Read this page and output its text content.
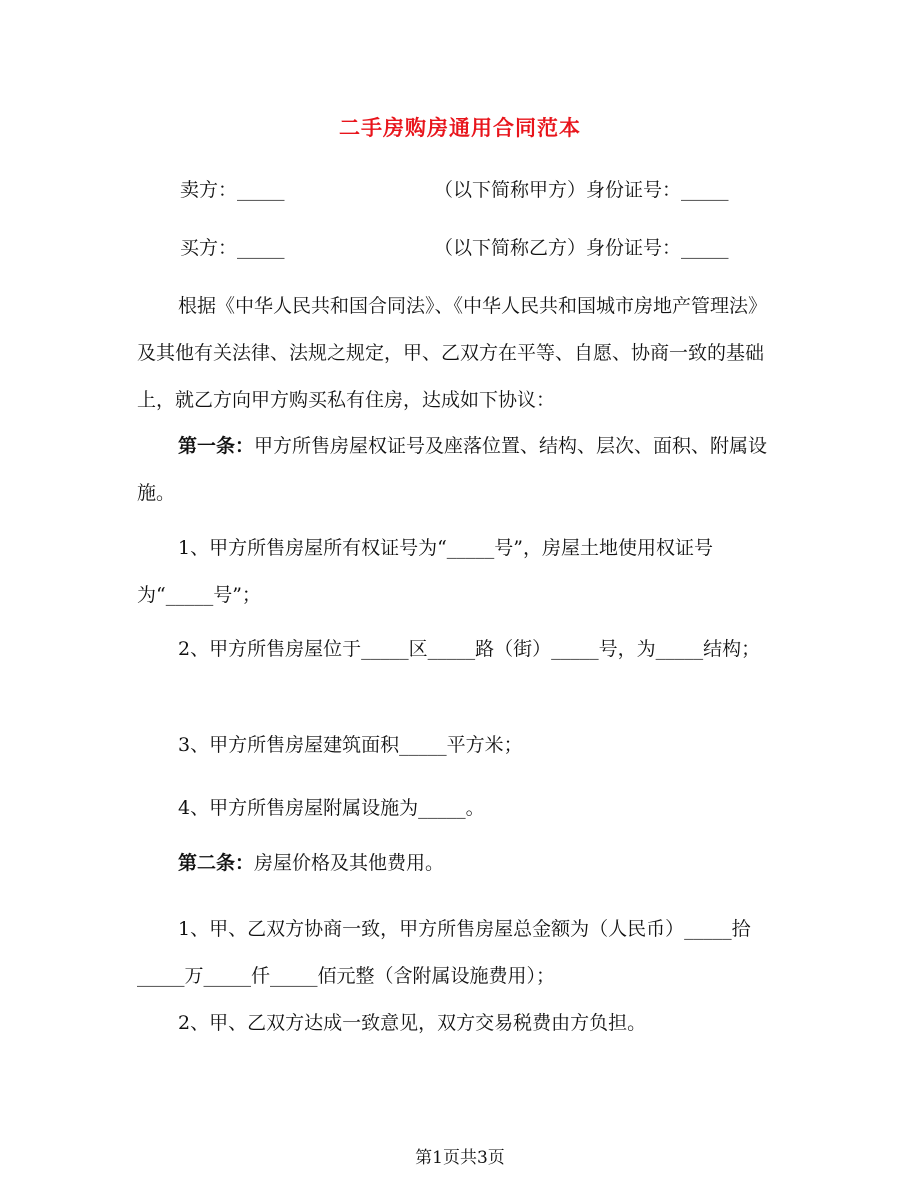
二手房购房通用合同范本
卖方：_____	（以下简称甲方）身份证号：_____
买方：_____	（以下简称乙方）身份证号：_____
根据《中华人民共和国合同法》、《中华人民共和国城市房地产管理法》及其他有关法律、法规之规定，甲、乙双方在平等、自愿、协商一致的基础上，就乙方向甲方购买私有住房，达成如下协议：
第一条：甲方所售房屋权证号及座落位置、结构、层次、面积、附属设施。
1、甲方所售房屋所有权证号为“_____号”，房屋土地使用权证号为“_____号”；
2、甲方所售房屋位于_____区_____路（街）_____号，为_____结构；
3、甲方所售房屋建筑面积_____平方米；
4、甲方所售房屋附属设施为_____。
第二条：房屋价格及其他费用。
1、甲、乙双方协商一致，甲方所售房屋总金额为（人民币）_____拾_____万_____仟_____佰元整（含附属设施费用）；
2、甲、乙双方达成一致意见，双方交易税费由方负担。
第1页共3页
